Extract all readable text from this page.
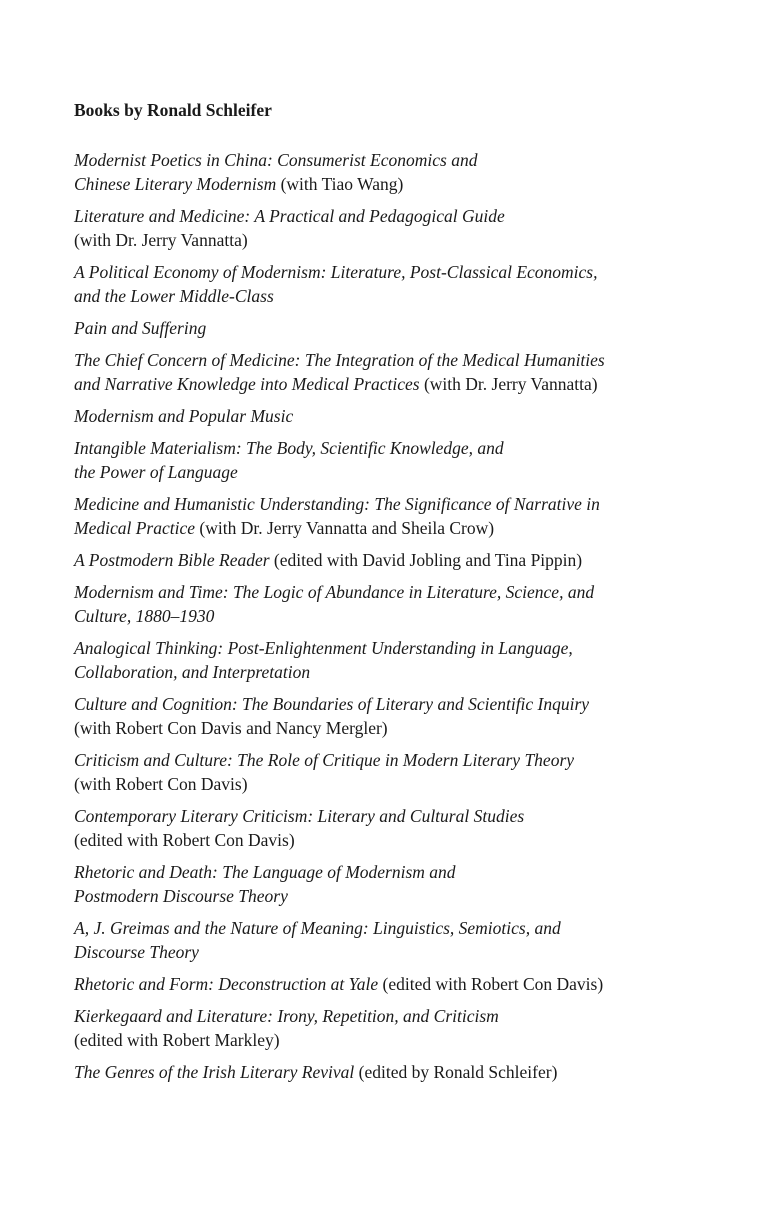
Books by Ronald Schleifer
Modernist Poetics in China: Consumerist Economics and
Chinese Literary Modernism (with Tiao Wang)
Literature and Medicine: A Practical and Pedagogical Guide
(with Dr. Jerry Vannatta)
A Political Economy of Modernism: Literature, Post-Classical Economics,
and the Lower Middle-Class
Pain and Suffering
The Chief Concern of Medicine: The Integration of the Medical Humanities
and Narrative Knowledge into Medical Practices (with Dr. Jerry Vannatta)
Modernism and Popular Music
Intangible Materialism: The Body, Scientific Knowledge, and
the Power of Language
Medicine and Humanistic Understanding: The Significance of Narrative in
Medical Practice (with Dr. Jerry Vannatta and Sheila Crow)
A Postmodern Bible Reader (edited with David Jobling and Tina Pippin)
Modernism and Time: The Logic of Abundance in Literature, Science, and
Culture, 1880–1930
Analogical Thinking: Post-Enlightenment Understanding in Language,
Collaboration, and Interpretation
Culture and Cognition: The Boundaries of Literary and Scientific Inquiry
(with Robert Con Davis and Nancy Mergler)
Criticism and Culture: The Role of Critique in Modern Literary Theory
(with Robert Con Davis)
Contemporary Literary Criticism: Literary and Cultural Studies
(edited with Robert Con Davis)
Rhetoric and Death: The Language of Modernism and
Postmodern Discourse Theory
A, J. Greimas and the Nature of Meaning: Linguistics, Semiotics, and
Discourse Theory
Rhetoric and Form: Deconstruction at Yale (edited with Robert Con Davis)
Kierkegaard and Literature: Irony, Repetition, and Criticism
(edited with Robert Markley)
The Genres of the Irish Literary Revival (edited by Ronald Schleifer)
